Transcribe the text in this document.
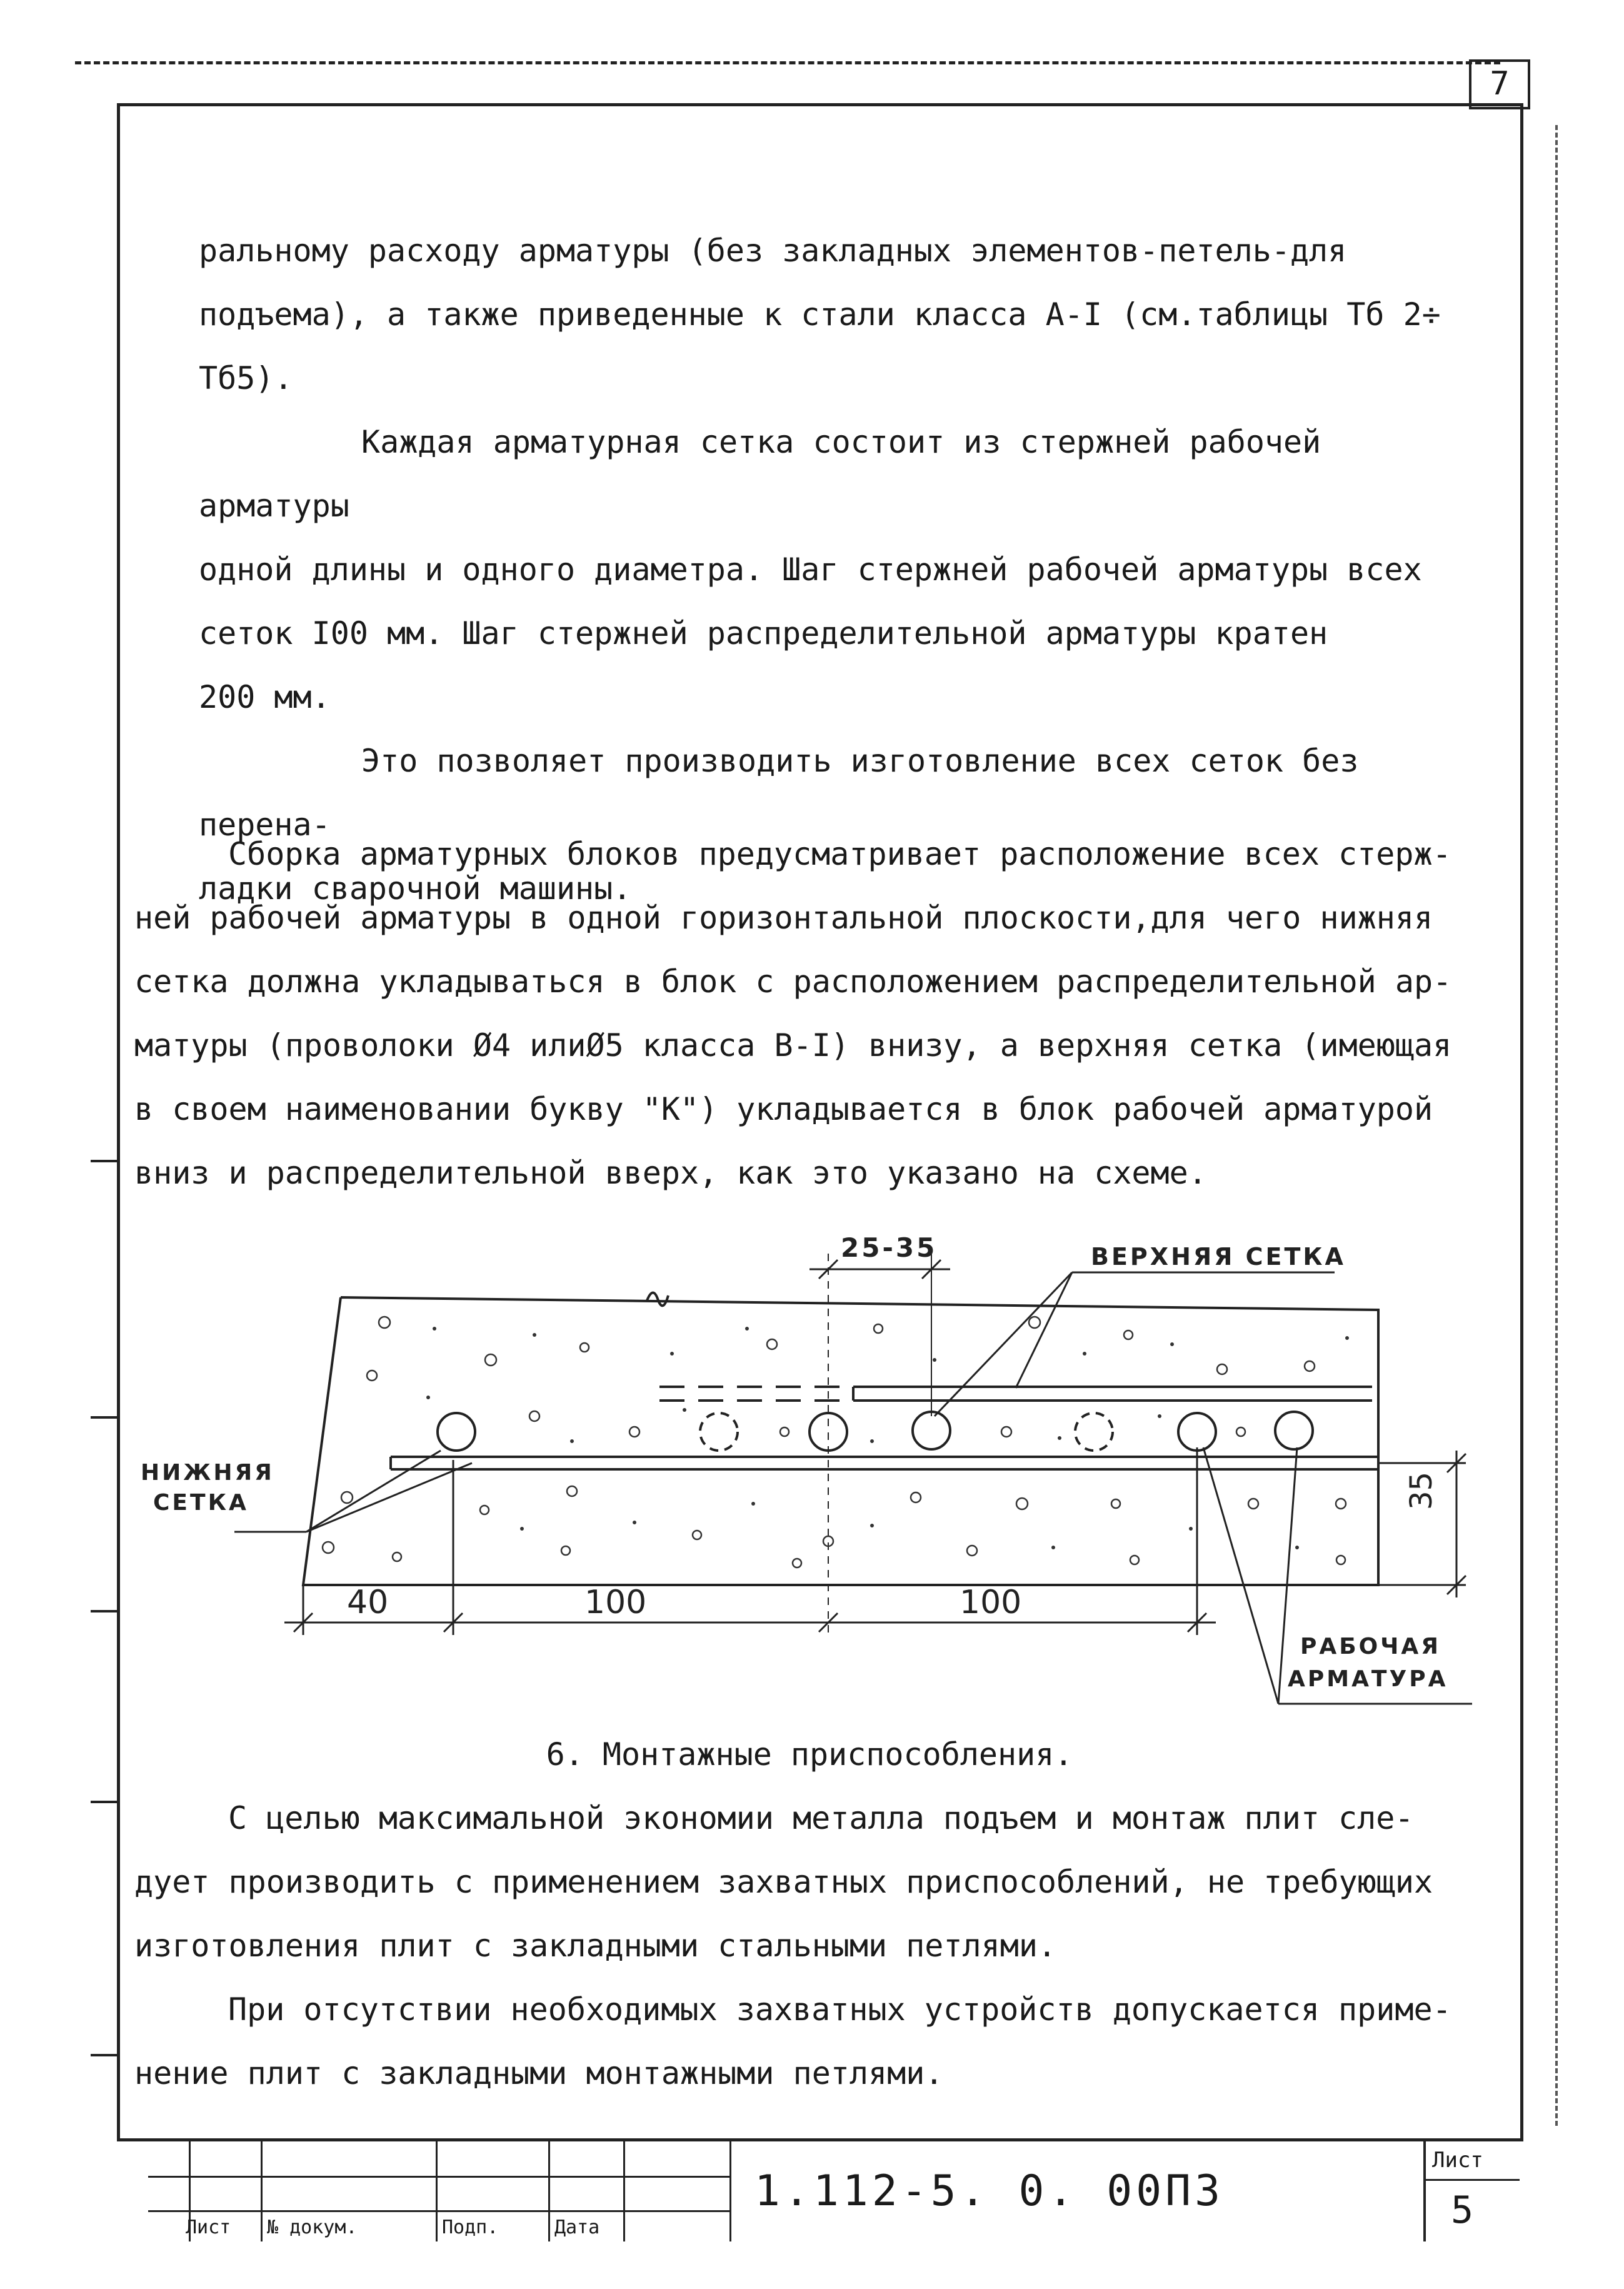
7

ральному расходу арматуры (без закладных элементов-петель-для
подъема), а также приведенные к стали класса А-I (см.таблицы Тб 2÷
Тб5).

Каждая арматурная сетка состоит из стержней рабочей арматуры
одной длины и одного диаметра. Шаг стержней рабочей арматуры всех
сеток I00 мм. Шаг стержней распределительной арматуры кратен
200 мм.

Это позволяет производить изготовление всех сеток без перена-
ладки сварочной машины.

Сборка арматурных блоков предусматривает расположение всех стерж-
ней рабочей арматуры в одной горизонтальной плоскости,для чего нижняя
сетка должна укладываться в блок с расположением распределительной ар-
матуры (проволоки Ø4 илиØ5 класса В-I) внизу, а верхняя сетка (имеющая
в своем наименовании букву "К") укладывается в блок рабочей арматурой
вниз и распределительной вверх, как это указано на схеме.

25-35	ВЕРХНЯЯ СЕТКА
НИЖНЯЯ
СЕТКА
РАБОЧАЯ
АРМАТУРА
40	100	100
35

6. Монтажные приспособления.

С целью максимальной экономии металла подъем и монтаж плит сле-
дует производить с применением захватных приспособлений, не требующих
изготовления плит с закладными стальными петлями.

При отсутствии необходимых захватных устройств допускается приме-
нение плит с закладными монтажными петлями.

Лист № докум.	Подп.	Дата
1.112-5. 0. 00П3
Лист
5
